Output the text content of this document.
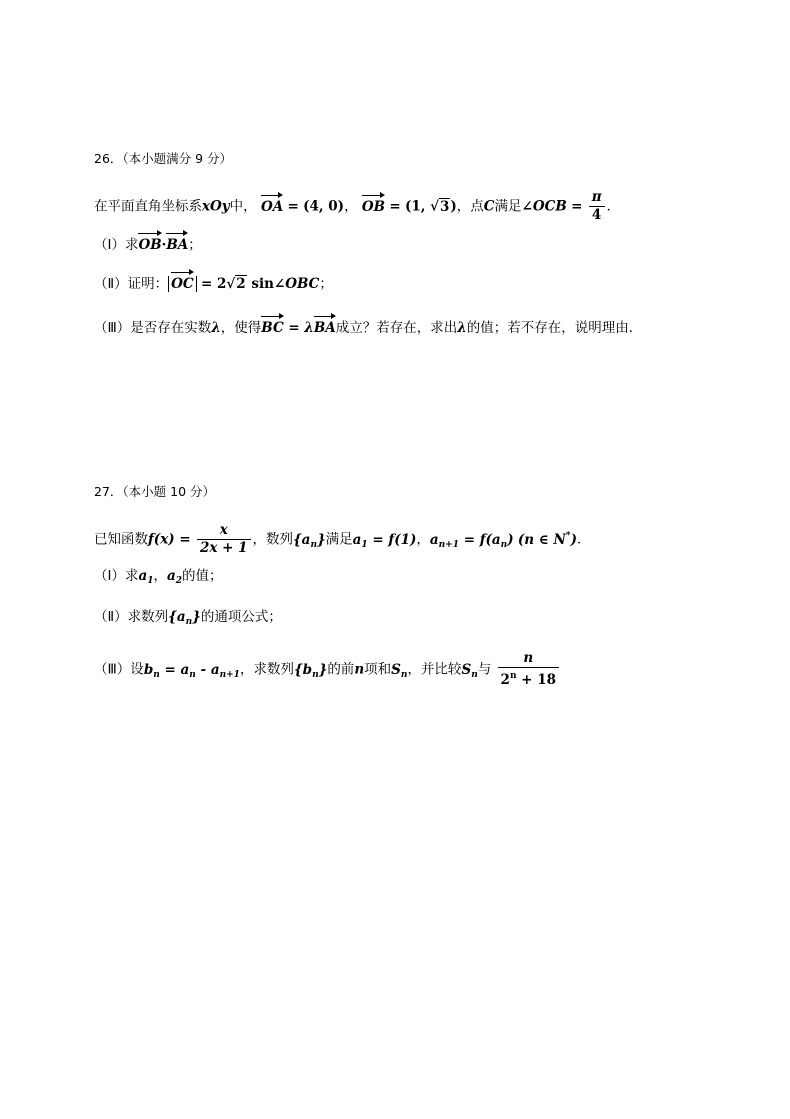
26．（本小题满分 9 分）
在平面直角坐标系xOy中， OA = (4, 0)， OB = (1, √3)，点C满足∠OCB = $\frac{\pi}{4}$ ．
（Ⅰ）求OB·BA；
（Ⅱ）证明： OC = 2√2 sin∠OBC；
（Ⅲ）是否存在实数λ，使得BC = λBA成立？若存在，求出λ的值；若不存在，说明理由．
27．（本小题 10 分）
已知函数$f(x) = \frac{x}{2x + 1}$ ，数列$\{a_n\}$满足$a_1 = f(1)$，$a_{n+1} = f(a_n)$ (n ∈ N*)．
（Ⅰ）求$a_1$，$a_2$的值；
（Ⅱ）求数列$\{a_n\}$的通项公式；
（Ⅲ）设$b_n = a_n - a_{n+1}$，求数列$\{b_n\}$的前n项和$S_n$，并比较$S_n$与 $\frac{n}{2^n + 18}$
